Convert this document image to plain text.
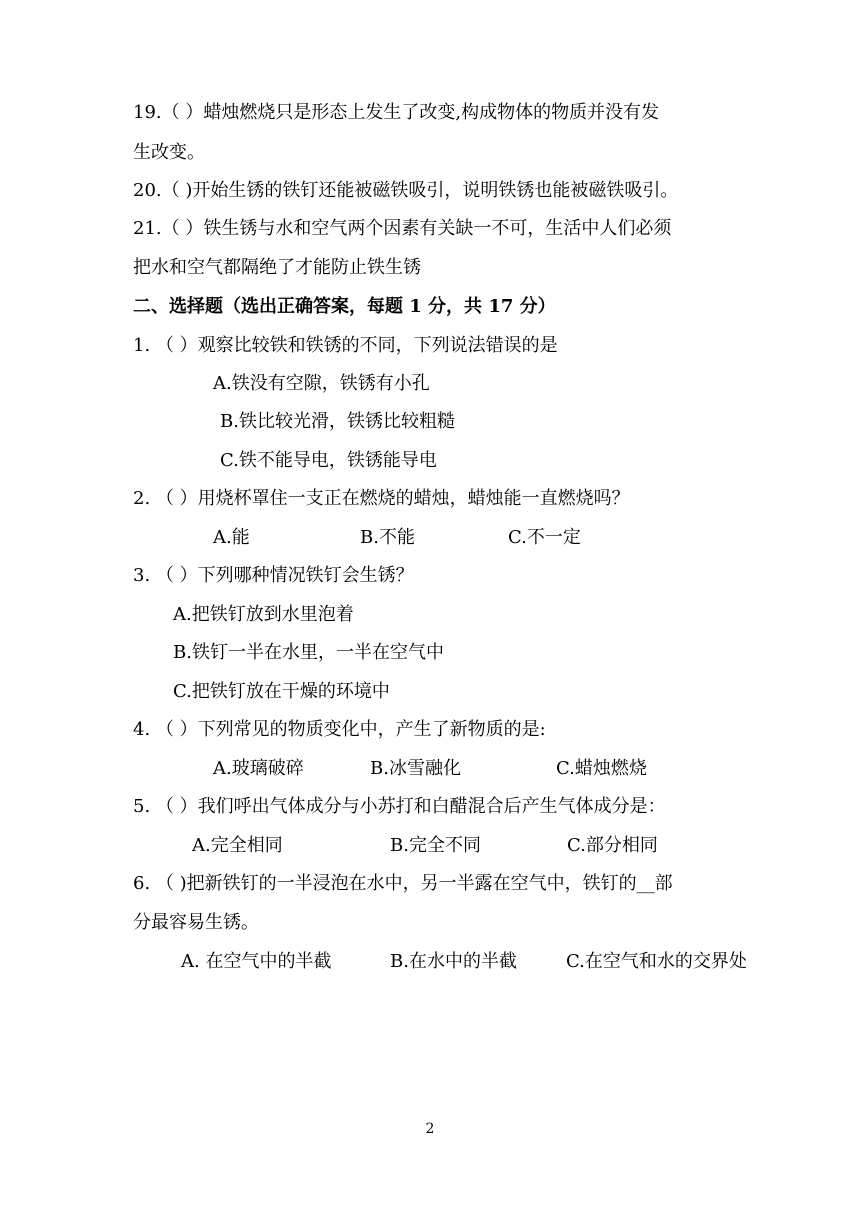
19.（ ）蜡烛燃烧只是形态上发生了改变,构成物体的物质并没有发
生改变。
20.（ )开始生锈的铁钉还能被磁铁吸引，说明铁锈也能被磁铁吸引。
21.（ ）铁生锈与水和空气两个因素有关缺一不可，生活中人们必须
把水和空气都隔绝了才能防止铁生锈
二、选择题（选出正确答案，每题 1 分，共 17 分）
1. （ ）观察比较铁和铁锈的不同，下列说法错误的是
A.铁没有空隙，铁锈有小孔
B.铁比较光滑，铁锈比较粗糙
C.铁不能导电，铁锈能导电
2. （ ）用烧杯罩住一支正在燃烧的蜡烛，蜡烛能一直燃烧吗？
A.能	B.不能	C.不一定
3. （ ）下列哪种情况铁钉会生锈？
A.把铁钉放到水里泡着
B.铁钉一半在水里，一半在空气中
C.把铁钉放在干燥的环境中
4. （ ）下列常见的物质变化中，产生了新物质的是:
A.玻璃破碎	B.冰雪融化	C.蜡烛燃烧
5. （ ）我们呼出气体成分与小苏打和白醋混合后产生气体成分是：
A.完全相同	B.完全不同	C.部分相同
6. （ )把新铁钉的一半浸泡在水中，另一半露在空气中，铁钉的__部
分最容易生锈。
A. 在空气中的半截	B.在水中的半截	C.在空气和水的交界处
2
